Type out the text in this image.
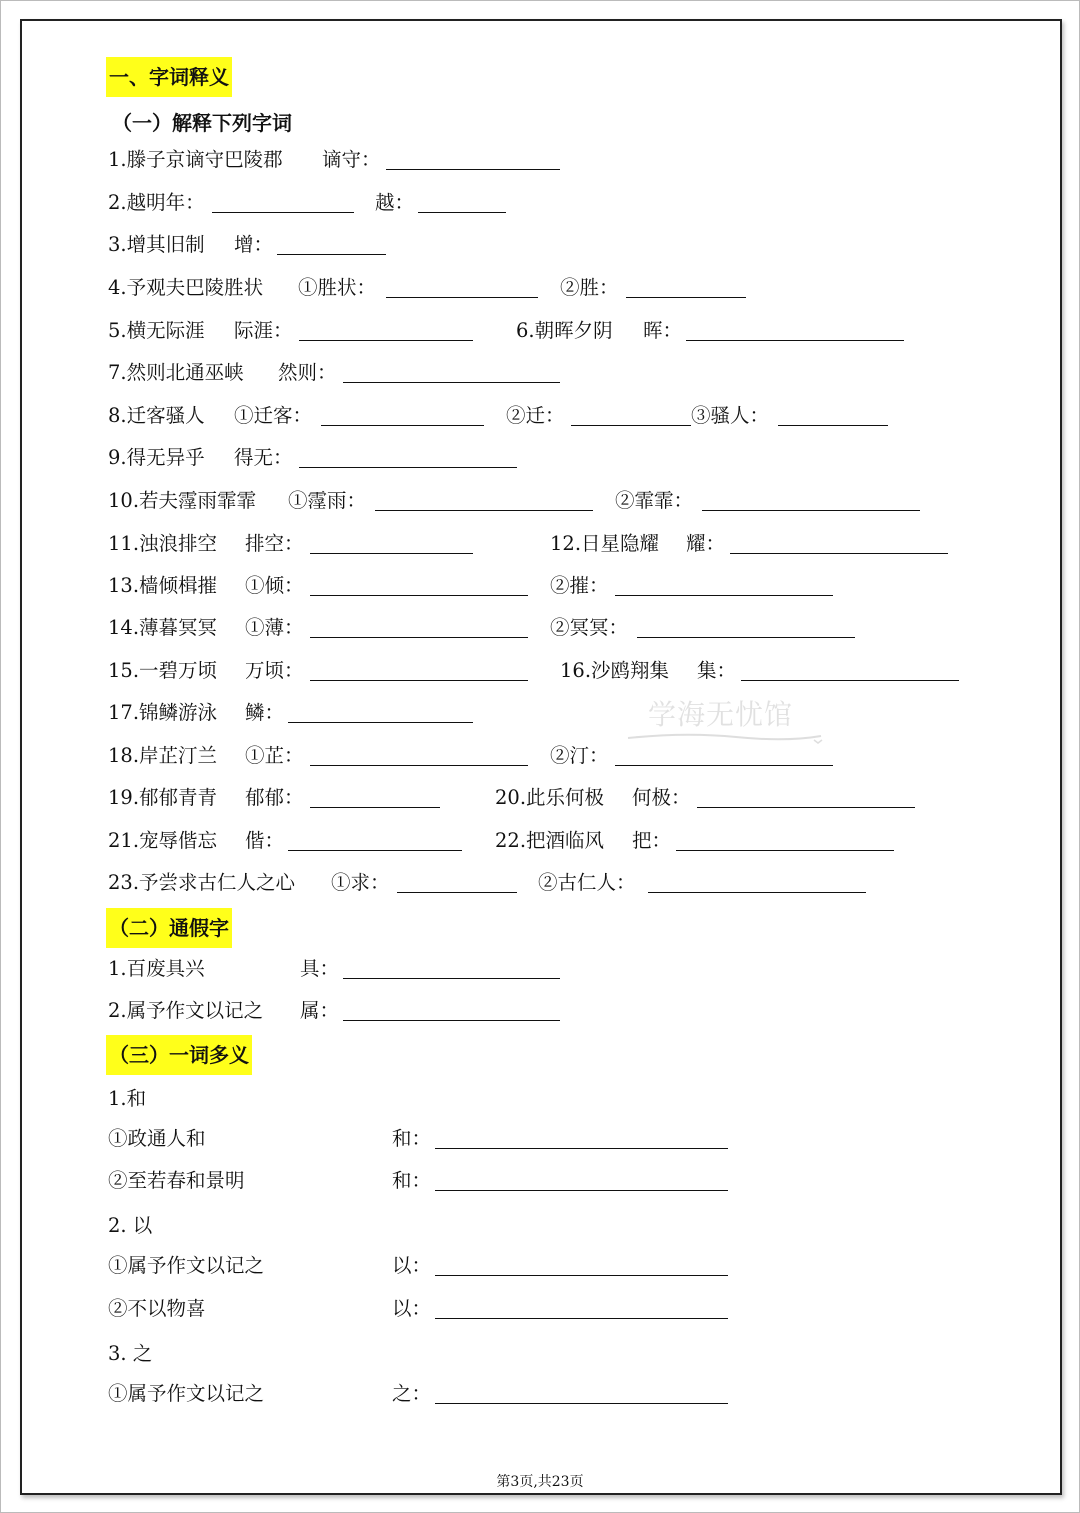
一、字词释义
（一）解释下列字词
1.滕子京谪守巴陵郡 谪守：
2.越明年：	越：
3.增其旧制 增：
4.予观夫巴陵胜状 ①胜状：	②胜：
5.横无际涯 际涯：	6.朝晖夕阴 晖：
7.然则北通巫峡 然则：
8.迁客骚人 ①迁客：	②迁：	③骚人：
9.得无异乎 得无：
10.若夫霪雨霏霏 ①霪雨：	②霏霏：
11.浊浪排空 排空：	12.日星隐耀 耀：
13.樯倾楫摧 ①倾：	②摧：
14.薄暮冥冥 ①薄：	②冥冥：
15.一碧万顷 万顷：	16.沙鸥翔集 集：
17.锦鳞游泳 鳞：
18.岸芷汀兰 ①芷：	②汀：
19.郁郁青青 郁郁：	20.此乐何极 何极：
21.宠辱偕忘 偕：	22.把酒临风 把：
23.予尝求古仁人之心 ①求：	②古仁人：
（二）通假字
1.百废具兴	具：
2.属予作文以记之 属：
（三）一词多义
1.和
①政通人和	和：
②至若春和景明	和：
2. 以
①属予作文以记之	以：
②不以物喜	以：
3. 之
①属予作文以记之	之：
学海无忧馆
第3页,共23页
